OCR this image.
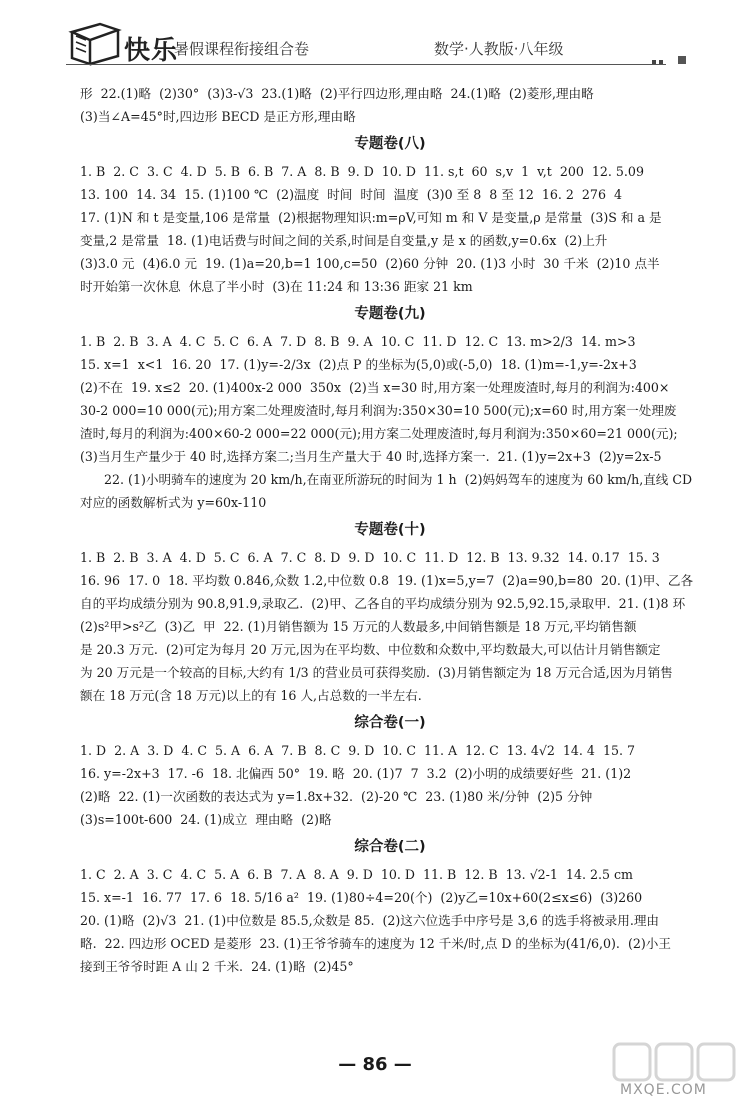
快乐
暑假课程衔接组合卷	数学·人教版·八年级
形  22.(1)略  (2)30°  (3)3-√3  23.(1)略  (2)平行四边形,理由略  24.(1)略  (2)菱形,理由略
(3)当∠A=45°时,四边形 BECD 是正方形,理由略
专题卷(八)
1. B  2. C  3. C  4. D  5. B  6. B  7. A  8. B  9. D  10. D  11. s,t  60  s,v  1  v,t  200  12. 5.09
13. 100  14. 34  15. (1)100 ℃  (2)温度  时间  时间  温度  (3)0 至 8  8 至 12  16. 2  276  4
17. (1)N 和 t 是变量,106 是常量  (2)根据物理知识:m=ρV,可知 m 和 V 是变量,ρ 是常量  (3)S 和 a 是
变量,2 是常量  18. (1)电话费与时间之间的关系,时间是自变量,y 是 x 的函数,y=0.6x  (2)上升
(3)3.0 元  (4)6.0 元  19. (1)a=20,b=1 100,c=50  (2)60 分钟  20. (1)3 小时  30 千米  (2)10 点半
时开始第一次休息  休息了半小时  (3)在 11:24 和 13:36 距家 21 km
专题卷(九)
1. B  2. B  3. A  4. C  5. C  6. A  7. D  8. B  9. A  10. C  11. D  12. C  13. m>2/3  14. m>3
15. x=1  x<1  16. 20  17. (1)y=-2/3x  (2)点 P 的坐标为(5,0)或(-5,0)  18. (1)m=-1,y=-2x+3
(2)不在  19. x≤2  20. (1)400x-2 000  350x  (2)当 x=30 时,用方案一处理废渣时,每月的利润为:400×
30-2 000=10 000(元);用方案二处理废渣时,每月利润为:350×30=10 500(元);x=60 时,用方案一处理废
渣时,每月的利润为:400×60-2 000=22 000(元);用方案二处理废渣时,每月利润为:350×60=21 000(元);
(3)当月生产量少于 40 时,选择方案二;当月生产量大于 40 时,选择方案一.  21. (1)y=2x+3  (2)y=2x-5
22. (1)小明骑车的速度为 20 km/h,在南亚所游玩的时间为 1 h  (2)妈妈驾车的速度为 60 km/h,直线 CD
对应的函数解析式为 y=60x-110
专题卷(十)
1. B  2. B  3. A  4. D  5. C  6. A  7. C  8. D  9. D  10. C  11. D  12. B  13. 9.32  14. 0.17  15. 3
16. 96  17. 0  18. 平均数 0.846,众数 1.2,中位数 0.8  19. (1)x=5,y=7  (2)a=90,b=80  20. (1)甲、乙各
自的平均成绩分别为 90.8,91.9,录取乙.  (2)甲、乙各自的平均成绩分别为 92.5,92.15,录取甲.  21. (1)8 环
(2)s²甲>s²乙  (3)乙  甲  22. (1)月销售额为 15 万元的人数最多,中间销售额是 18 万元,平均销售额
是 20.3 万元.  (2)可定为每月 20 万元,因为在平均数、中位数和众数中,平均数最大,可以估计月销售额定
为 20 万元是一个较高的目标,大约有 1/3 的营业员可获得奖励.  (3)月销售额定为 18 万元合适,因为月销售
额在 18 万元(含 18 万元)以上的有 16 人,占总数的一半左右.
综合卷(一)
1. D  2. A  3. D  4. C  5. A  6. A  7. B  8. C  9. D  10. C  11. A  12. C  13. 4√2  14. 4  15. 7
16. y=-2x+3  17. -6  18. 北偏西 50°  19. 略  20. (1)7  7  3.2  (2)小明的成绩要好些  21. (1)2
(2)略  22. (1)一次函数的表达式为 y=1.8x+32.  (2)-20 ℃  23. (1)80 米/分钟  (2)5 分钟
(3)s=100t-600  24. (1)成立  理由略  (2)略
综合卷(二)
1. C  2. A  3. C  4. C  5. A  6. B  7. A  8. A  9. D  10. D  11. B  12. B  13. √2-1  14. 2.5 cm
15. x=-1  16. 77  17. 6  18. 5/16 a²  19. (1)80÷4=20(个)  (2)y乙=10x+60(2≤x≤6)  (3)260
20. (1)略  (2)√3  21. (1)中位数是 85.5,众数是 85.  (2)这六位选手中序号是 3,6 的选手将被录用.理由
略.  22. 四边形 OCED 是菱形  23. (1)王爷爷骑车的速度为 12 千米/时,点 D 的坐标为(41/6,0).  (2)小王
接到王爷爷时距 A 山 2 千米.  24. (1)略  (2)45°
— 86 —
MXQE.COM
